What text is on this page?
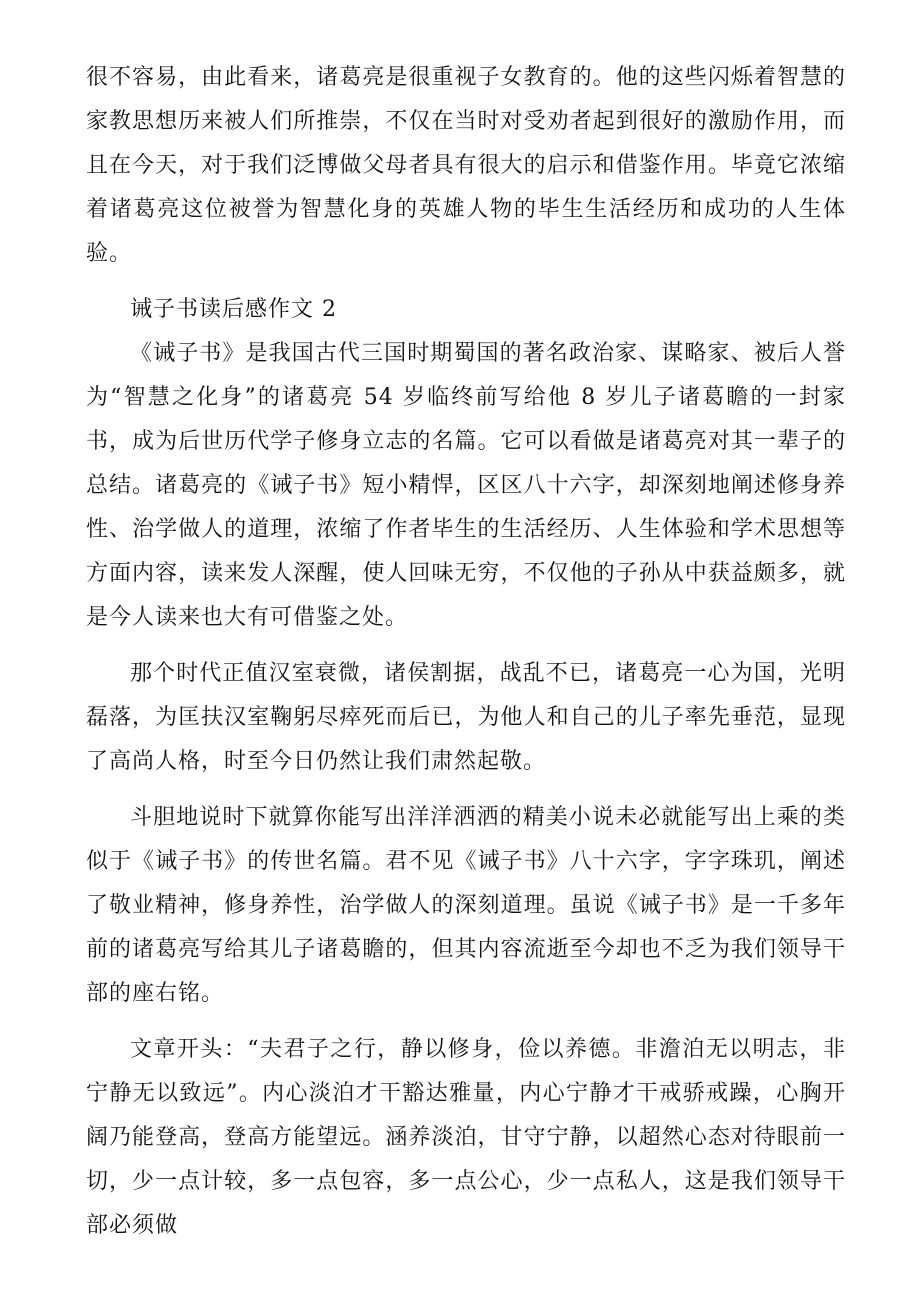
很不容易，由此看来，诸葛亮是很重视子女教育的。他的这些闪烁着智慧的家教思想历来被人们所推崇，不仅在当时对受劝者起到很好的激励作用，而且在今天，对于我们泛博做父母者具有很大的启示和借鉴作用。毕竟它浓缩着诸葛亮这位被誉为智慧化身的英雄人物的毕生生活经历和成功的人生体验。

诫子书读后感作文 2

《诫子书》是我国古代三国时期蜀国的著名政治家、谋略家、被后人誉为“智慧之化身”的诸葛亮 54 岁临终前写给他 8 岁儿子诸葛瞻的一封家书，成为后世历代学子修身立志的名篇。它可以看做是诸葛亮对其一辈子的总结。诸葛亮的《诫子书》短小精悍，区区八十六字，却深刻地阐述修身养性、治学做人的道理，浓缩了作者毕生的生活经历、人生体验和学术思想等方面内容，读来发人深醒，使人回味无穷，不仅他的子孙从中获益颇多，就是今人读来也大有可借鉴之处。

那个时代正值汉室衰微，诸侯割据，战乱不已，诸葛亮一心为国，光明磊落，为匡扶汉室鞠躬尽瘁死而后已，为他人和自己的儿子率先垂范，显现了高尚人格，时至今日仍然让我们肃然起敬。

斗胆地说时下就算你能写出洋洋洒洒的精美小说未必就能写出上乘的类似于《诫子书》的传世名篇。君不见《诫子书》八十六字，字字珠玑，阐述了敬业精神，修身养性，治学做人的深刻道理。虽说《诫子书》是一千多年前的诸葛亮写给其儿子诸葛瞻的，但其内容流逝至今却也不乏为我们领导干部的座右铭。

文章开头：“夫君子之行，静以修身，俭以养德。非澹泊无以明志，非宁静无以致远”。内心淡泊才干豁达雅量，内心宁静才干戒骄戒躁，心胸开阔乃能登高，登高方能望远。涵养淡泊，甘守宁静，以超然心态对待眼前一切，少一点计较，多一点包容，多一点公心，少一点私人，这是我们领导干部必须做
